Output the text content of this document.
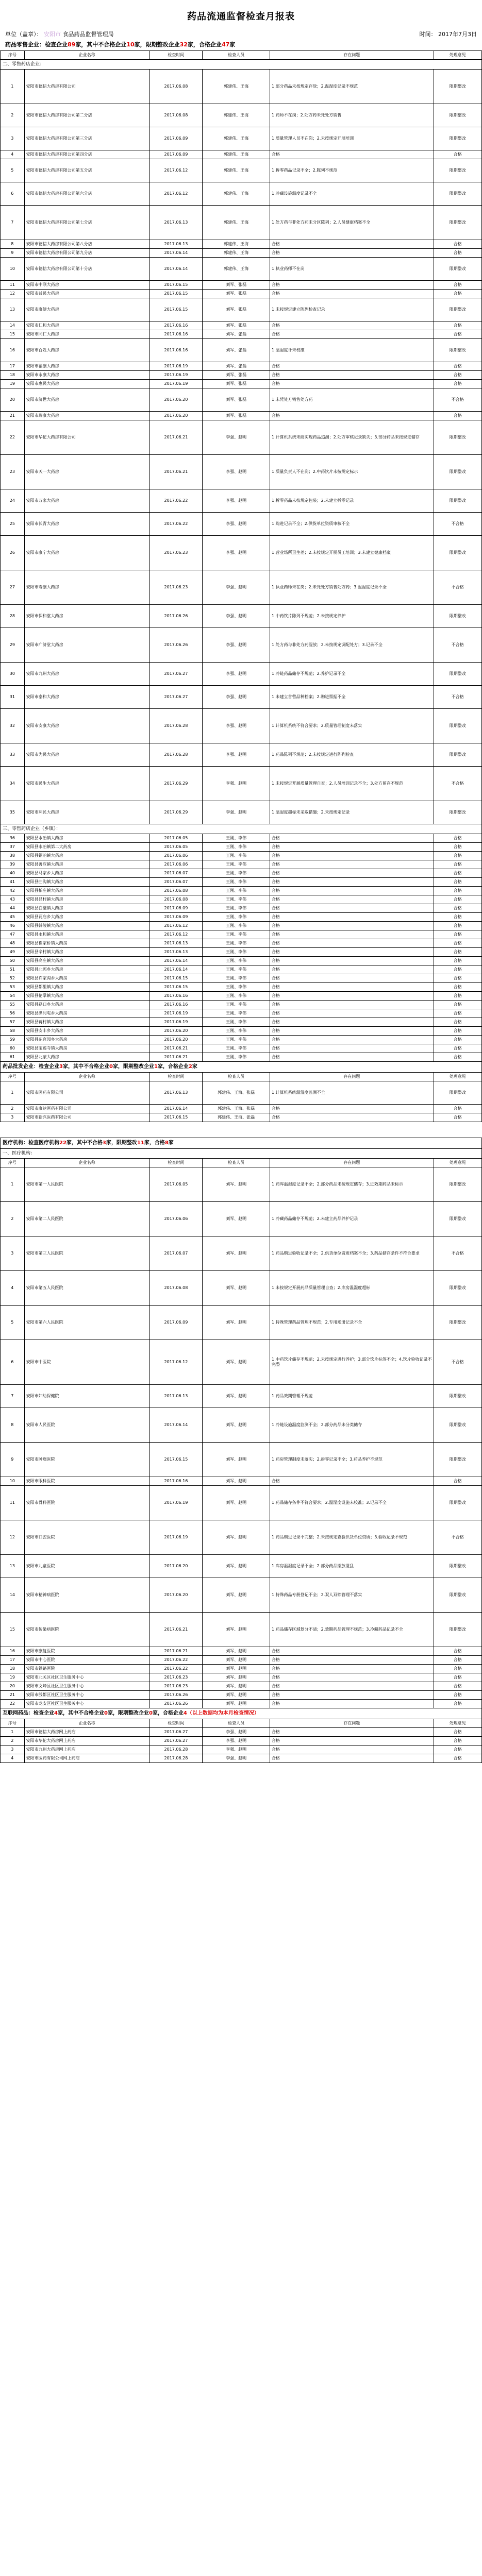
药品流通监督检查月报表
单位（盖章）： 安阳市 食品药品监督管理局	时间： 2017年7月3日
药品零售企业：检查企业89家，其中不合格企业10家，限期整改企业32家，合格企业47家
序号	企业名称	检查时间	检查人员	存在问题	处理意见
二、零售药店企业：					
1	安阳市德信大药房有限公司	2017.06.08	郭建伟、王海	1.部分药品未按规定存放；2.温湿度记录不规范	限期整改
2	安阳市德信大药房有限公司第二分店	2017.06.08	郭建伟、王海	1.药师不在岗；2.处方药未凭处方销售	限期整改
3	安阳市德信大药房有限公司第三分店	2017.06.09	郭建伟、王海	1.质量管理人员不在岗；2.未按规定开展培训	限期整改
4	安阳市德信大药房有限公司第四分店	2017.06.09	郭建伟、王海	合格	合格
5	安阳市德信大药房有限公司第五分店	2017.06.12	郭建伟、王海	1.拆零药品记录不全；2.陈列不规范	限期整改
6	安阳市德信大药房有限公司第六分店	2017.06.12	郭建伟、王海	1.冷藏设施温度记录不全	限期整改
7	安阳市德信大药房有限公司第七分店	2017.06.13	郭建伟、王海	1.处方药与非处方药未分区陈列；2.人员健康档案不全	限期整改
8	安阳市德信大药房有限公司第八分店	2017.06.13	郭建伟、王海	合格	合格
9	安阳市德信大药房有限公司第九分店	2017.06.14	郭建伟、王海	合格	合格
10	安阳市德信大药房有限公司第十分店	2017.06.14	郭建伟、王海	1.执业药师不在岗	限期整改
11	安阳市中联大药房	2017.06.15	刘军、张磊	合格	合格
12	安阳市益民大药房	2017.06.15	刘军、张磊	合格	合格
13	安阳市康健大药房	2017.06.15	刘军、张磊	1.未按规定建立陈列检查记录	限期整改
14	安阳市仁和大药房	2017.06.16	刘军、张磊	合格	合格
15	安阳市同仁大药房	2017.06.16	刘军、张磊	合格	合格
16	安阳市百姓大药房	2017.06.16	刘军、张磊	1.温湿度计未校准	限期整改
17	安阳市福康大药房	2017.06.19	刘军、张磊	合格	合格
18	安阳市永康大药房	2017.06.19	刘军、张磊	合格	合格
19	安阳市惠民大药房	2017.06.19	刘军、张磊	合格	合格
20	安阳市济世大药房	2017.06.20	刘军、张磊	1.未凭处方销售处方药	不合格
21	安阳市瑞康大药房	2017.06.20	刘军、张磊	合格	合格
22	安阳市华佗大药房有限公司	2017.06.21	李强、赵明	1.计算机系统未能实现药品追溯；2.处方审核记录缺失；3.部分药品未按规定储存	限期整改
23	安阳市天一大药房	2017.06.21	李强、赵明	1.质量负责人不在岗；2.中药饮片未按规定标示	限期整改
24	安阳市万家大药房	2017.06.22	李强、赵明	1.拆零药品未按规定包装；2.未建立拆零记录	限期整改
25	安阳市长青大药房	2017.06.22	李强、赵明	1.购进记录不全；2.供货单位资质审核不全	不合格
26	安阳市康宁大药房	2017.06.23	李强、赵明	1.营业场所卫生差；2.未按规定开展员工培训；3.未建立健康档案	限期整改
27	安阳市寿康大药房	2017.06.23	李强、赵明	1.执业药师未在岗；2.未凭处方销售处方药；3.温湿度记录不全	不合格
28	安阳市保和堂大药房	2017.06.26	李强、赵明	1.中药饮片陈列不规范；2.未按规定养护	限期整改
29	安阳市广济堂大药房	2017.06.26	李强、赵明	1.处方药与非处方药混放；2.未按规定调配处方；3.记录不全	不合格
30	安阳市九州大药房	2017.06.27	李强、赵明	1.冷链药品储存不规范；2.养护记录不全	限期整改
31	安阳市泰和大药房	2017.06.27	李强、赵明	1.未建立首营品种档案；2.购进票据不全	不合格
32	安阳市安康大药房	2017.06.28	李强、赵明	1.计算机系统不符合要求；2.质量管理制度未落实	限期整改
33	安阳市为民大药房	2017.06.28	李强、赵明	1.药品陈列不规范；2.未按规定进行陈列检查	限期整改
34	安阳市民生大药房	2017.06.29	李强、赵明	1.未按规定开展质量管理自查；2.人员培训记录不全；3.处方留存不规范	不合格
35	安阳市利民大药房	2017.06.29	李强、赵明	1.温湿度超标未采取措施；2.未按规定记录	限期整改
三、零售药店企业（乡镇）：					
36	安阳县水冶镇大药房	2017.06.05	王刚、李伟	合格	合格
37	安阳县水冶镇第二大药房	2017.06.05	王刚、李伟	合格	合格
38	安阳县铜冶镇大药房	2017.06.06	王刚、李伟	合格	合格
39	安阳县善应镇大药房	2017.06.06	王刚、李伟	合格	合格
40	安阳县马家乡大药房	2017.06.07	王刚、李伟	合格	合格
41	安阳县曲沟镇大药房	2017.06.07	王刚、李伟	合格	合格
42	安阳县柏庄镇大药房	2017.06.08	王刚、李伟	合格	合格
43	安阳县吕村镇大药房	2017.06.08	王刚、李伟	合格	合格
44	安阳县白璧镇大药房	2017.06.09	王刚、李伟	合格	合格
45	安阳县瓦店乡大药房	2017.06.09	王刚、李伟	合格	合格
46	安阳县韩陵镇大药房	2017.06.12	王刚、李伟	合格	合格
47	安阳县永和镇大药房	2017.06.12	王刚、李伟	合格	合格
48	安阳县崔家桥镇大药房	2017.06.13	王刚、李伟	合格	合格
49	安阳县辛村镇大药房	2017.06.13	王刚、李伟	合格	合格
50	安阳县高庄镇大药房	2017.06.14	王刚、李伟	合格	合格
51	安阳县北郭乡大药房	2017.06.14	王刚、李伟	合格	合格
52	安阳县许家沟乡大药房	2017.06.15	王刚、李伟	合格	合格
53	安阳县都里镇大药房	2017.06.15	王刚、李伟	合格	合格
54	安阳县伦掌镇大药房	2017.06.16	王刚、李伟	合格	合格
55	安阳县磊口乡大药房	2017.06.16	王刚、李伟	合格	合格
56	安阳县洪河屯乡大药房	2017.06.19	王刚、李伟	合格	合格
57	安阳县蒋村镇大药房	2017.06.19	王刚、李伟	合格	合格
58	安阳县安丰乡大药房	2017.06.20	王刚、李伟	合格	合格
59	安阳县东官园乡大药房	2017.06.20	王刚、李伟	合格	合格
60	安阳县宝莲寺镇大药房	2017.06.21	王刚、李伟	合格	合格
61	安阳县北蒙大药房	2017.06.21	王刚、李伟	合格	合格
药品批发企业：检查企业3家，其中不合格企业0家，限期整改企业1家，合格企业2家					
序号	企业名称	检查时间	检查人员	存在问题	处理意见
1	安阳市医药有限公司	2017.06.13	郭建伟、王海、张磊	1.计算机系统温湿度监测不全	限期整改
2	安阳市康达医药有限公司	2017.06.14	郭建伟、王海、张磊	合格	合格
3	安阳市新兴医药有限公司	2017.06.15	郭建伟、王海、张磊	合格	合格

医疗机构：检查医疗机构22家，其中不合格3家，限期整改11家，合格8家					
一、医疗机构：					
序号	企业名称	检查时间	检查人员	存在问题	处理意见
1	安阳市第一人民医院	2017.06.05	刘军、赵明	1.药库温湿度记录不全；2.部分药品未按规定储存；3.近效期药品未标示	限期整改
2	安阳市第二人民医院	2017.06.06	刘军、赵明	1.冷藏药品储存不规范；2.未建立药品养护记录	限期整改
3	安阳市第三人民医院	2017.06.07	刘军、赵明	1.药品购进验收记录不全；2.供货单位资质档案不全；3.药品储存条件不符合要求	不合格
4	安阳市第五人民医院	2017.06.08	刘军、赵明	1.未按规定开展药品质量管理自查；2.库房温湿度超标	限期整改
5	安阳市第六人民医院	2017.06.09	刘军、赵明	1.特殊管理药品管理不规范；2.专用账册记录不全	限期整改
6	安阳市中医院	2017.06.12	刘军、赵明	1.中药饮片储存不规范；2.未按规定进行养护；3.部分饮片标签不全；4.饮片验收记录不完整	不合格
7	安阳市妇幼保健院	2017.06.13	刘军、赵明	1.药品效期管理不规范	限期整改
8	安阳市人民医院	2017.06.14	刘军、赵明	1.冷链设施温度监测不全；2.部分药品未分类储存	限期整改
9	安阳市肿瘤医院	2017.06.15	刘军、赵明	1.药房管理制度未落实；2.拆零记录不全；3.药品养护不规范	限期整改
10	安阳市眼科医院	2017.06.16	刘军、赵明	合格	合格
11	安阳市骨科医院	2017.06.19	刘军、赵明	1.药品储存条件不符合要求；2.温湿度设施未校准；3.记录不全	限期整改
12	安阳市口腔医院	2017.06.19	刘军、赵明	1.药品购进记录不完整；2.未按规定查验供货单位资质；3.验收记录不规范	不合格
13	安阳市儿童医院	2017.06.20	刘军、赵明	1.库房温湿度记录不全；2.部分药品摆放混乱	限期整改
14	安阳市精神病医院	2017.06.20	刘军、赵明	1.特殊药品专册登记不全；2.双人双锁管理不落实	限期整改
15	安阳市传染病医院	2017.06.21	刘军、赵明	1.药品储存区域划分不清；2.效期药品管理不规范；3.冷藏药品记录不全	限期整改
16	安阳市康复医院	2017.06.21	刘军、赵明	合格	合格
17	安阳市中心医院	2017.06.22	刘军、赵明	合格	合格
18	安阳市铁路医院	2017.06.22	刘军、赵明	合格	合格
19	安阳市北关区社区卫生服务中心	2017.06.23	刘军、赵明	合格	合格
20	安阳市文峰区社区卫生服务中心	2017.06.23	刘军、赵明	合格	合格
21	安阳市殷都区社区卫生服务中心	2017.06.26	刘军、赵明	合格	合格
22	安阳市龙安区社区卫生服务中心	2017.06.26	刘军、赵明	合格	合格
互联网药品：检查企业4家，其中不合格企业0家，限期整改企业0家，合格企业4（以上数据均为本月检查情况）					
序号	企业名称	检查时间	检查人员	存在问题	处理意见
1	安阳市德信大药房网上药店	2017.06.27	李强、赵明	合格	合格
2	安阳市华佗大药房网上药店	2017.06.27	李强、赵明	合格	合格
3	安阳市九州大药房网上药店	2017.06.28	李强、赵明	合格	合格
4	安阳市医药有限公司网上药店	2017.06.28	李强、赵明	合格	合格
